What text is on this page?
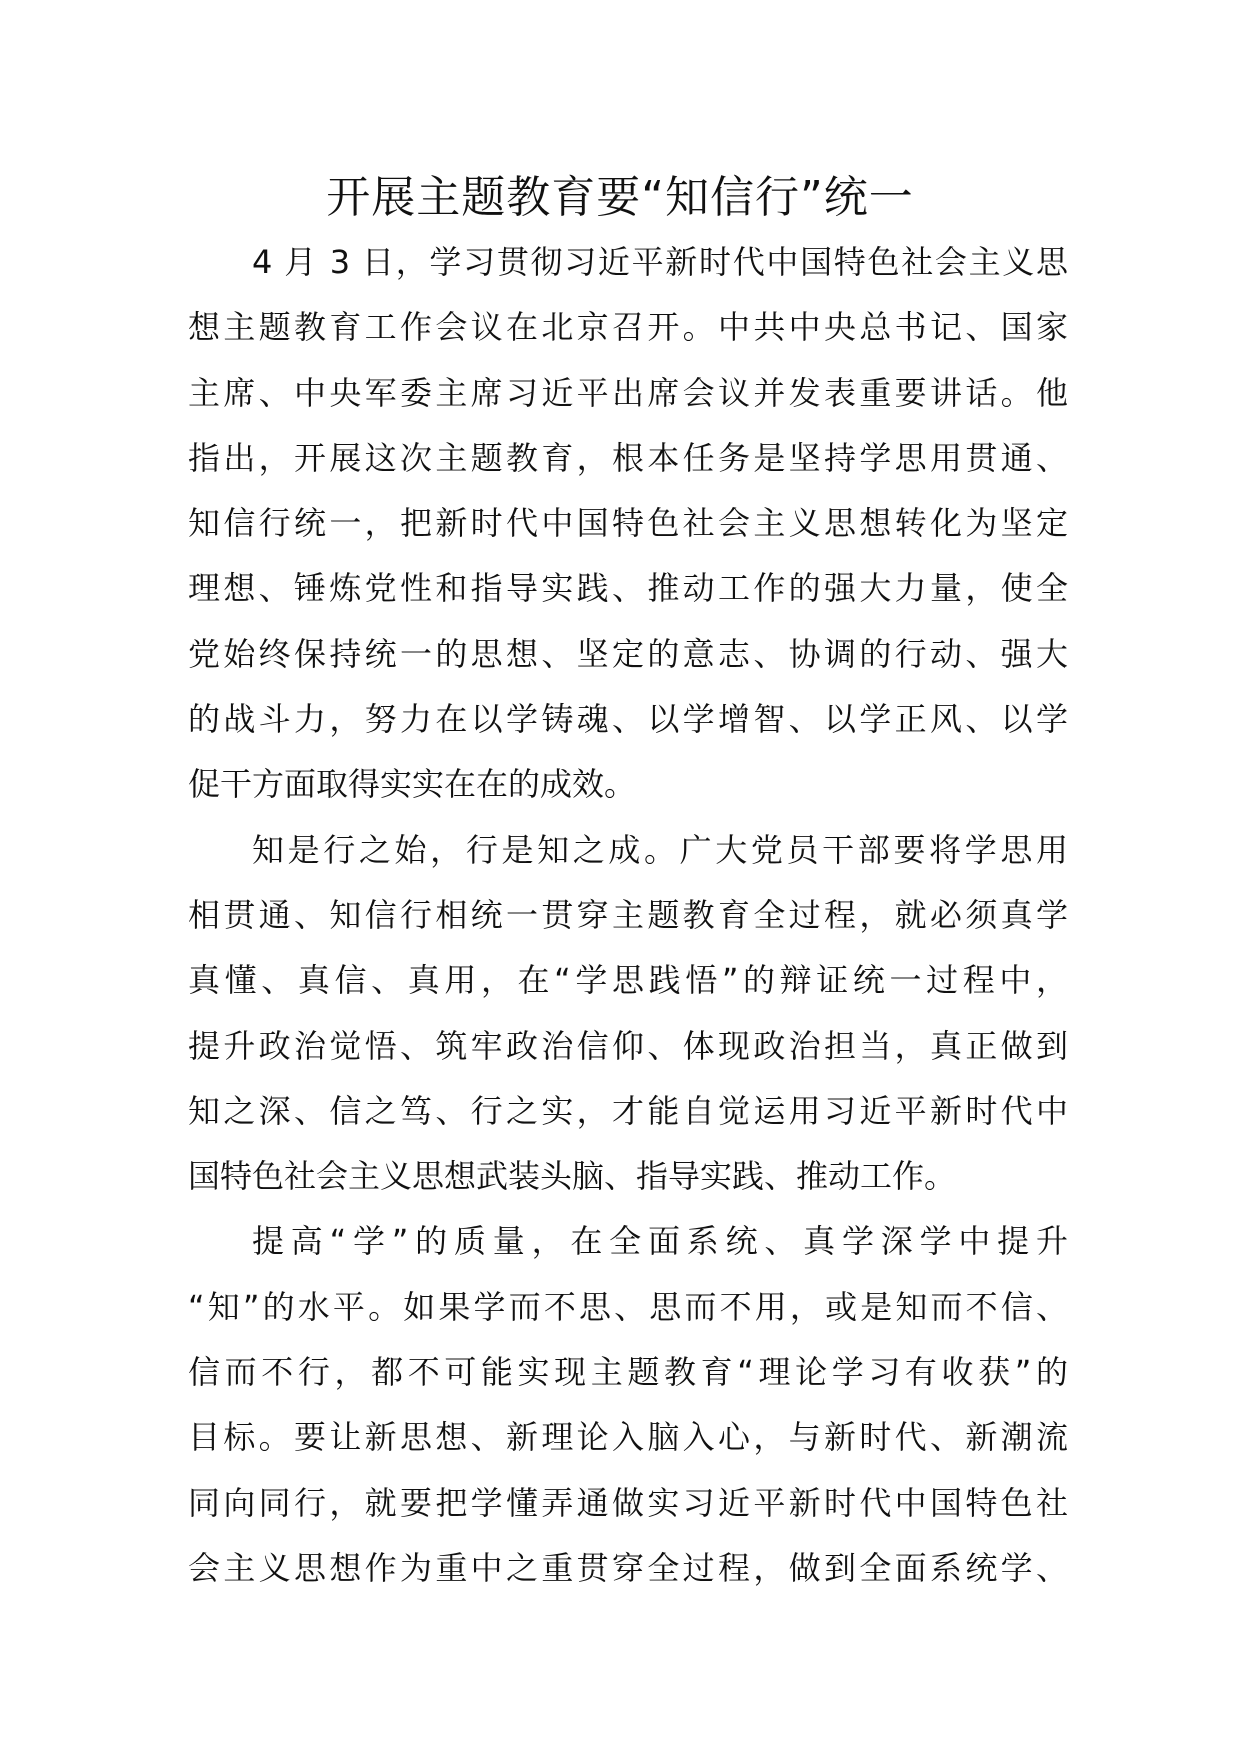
开展主题教育要“知信行”统一

4 月 3 日，学习贯彻习近平新时代中国特色社会主义思
想主题教育工作会议在北京召开。中共中央总书记、国家
主席、中央军委主席习近平出席会议并发表重要讲话。他
指出，开展这次主题教育，根本任务是坚持学思用贯通、
知信行统一，把新时代中国特色社会主义思想转化为坚定
理想、锤炼党性和指导实践、推动工作的强大力量，使全
党始终保持统一的思想、坚定的意志、协调的行动、强大
的战斗力，努力在以学铸魂、以学增智、以学正风、以学
促干方面取得实实在在的成效。

知是行之始，行是知之成。广大党员干部要将学思用
相贯通、知信行相统一贯穿主题教育全过程，就必须真学
真懂、真信、真用，在“学思践悟”的辩证统一过程中，
提升政治觉悟、筑牢政治信仰、体现政治担当，真正做到
知之深、信之笃、行之实，才能自觉运用习近平新时代中
国特色社会主义思想武装头脑、指导实践、推动工作。

提高“学”的质量，在全面系统、真学深学中提升
“知”的水平。如果学而不思、思而不用，或是知而不信、
信而不行，都不可能实现主题教育“理论学习有收获”的
目标。要让新思想、新理论入脑入心，与新时代、新潮流
同向同行，就要把学懂弄通做实习近平新时代中国特色社
会主义思想作为重中之重贯穿全过程，做到全面系统学、
